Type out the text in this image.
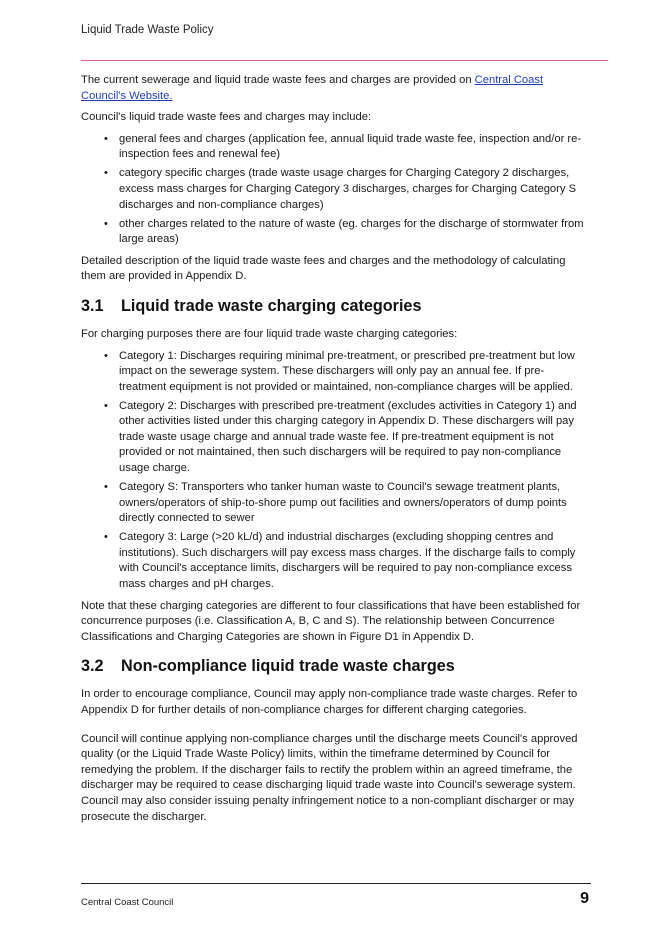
Liquid Trade Waste Policy

The current sewerage and liquid trade waste fees and charges are provided on Central Coast Council's Website.

Council's liquid trade waste fees and charges may include:

• general fees and charges (application fee, annual liquid trade waste fee, inspection and/or re-inspection fees and renewal fee)
• category specific charges (trade waste usage charges for Charging Category 2 discharges, excess mass charges for Charging Category 3 discharges, charges for Charging Category S discharges and non-compliance charges)
• other charges related to the nature of waste (eg. charges for the discharge of stormwater from large areas)

Detailed description of the liquid trade waste fees and charges and the methodology of calculating them are provided in Appendix D.

3.1 Liquid trade waste charging categories

For charging purposes there are four liquid trade waste charging categories:

• Category 1: Discharges requiring minimal pre-treatment, or prescribed pre-treatment but low impact on the sewerage system. These dischargers will only pay an annual fee. If pre-treatment equipment is not provided or maintained, non-compliance charges will be applied.
• Category 2: Discharges with prescribed pre-treatment (excludes activities in Category 1) and other activities listed under this charging category in Appendix D. These dischargers will pay trade waste usage charge and annual trade waste fee. If pre-treatment equipment is not provided or not maintained, then such dischargers will be required to pay non-compliance usage charge.
• Category S: Transporters who tanker human waste to Council's sewage treatment plants, owners/operators of ship-to-shore pump out facilities and owners/operators of dump points directly connected to sewer
• Category 3: Large (>20 kL/d) and industrial discharges (excluding shopping centres and institutions). Such dischargers will pay excess mass charges. If the discharge fails to comply with Council's acceptance limits, dischargers will be required to pay non-compliance excess mass charges and pH charges.

Note that these charging categories are different to four classifications that have been established for concurrence purposes (i.e. Classification A, B, C and S). The relationship between Concurrence Classifications and Charging Categories are shown in Figure D1 in Appendix D.

3.2 Non-compliance liquid trade waste charges

In order to encourage compliance, Council may apply non-compliance trade waste charges. Refer to Appendix D for further details of non-compliance charges for different charging categories.

Council will continue applying non-compliance charges until the discharge meets Council's approved quality (or the Liquid Trade Waste Policy) limits, within the timeframe determined by Council for remedying the problem. If the discharger fails to rectify the problem within an agreed timeframe, the discharger may be required to cease discharging liquid trade waste into Council's sewerage system. Council may also consider issuing penalty infringement notice to a non-compliant discharger or may prosecute the discharger.

Central Coast Council	9
